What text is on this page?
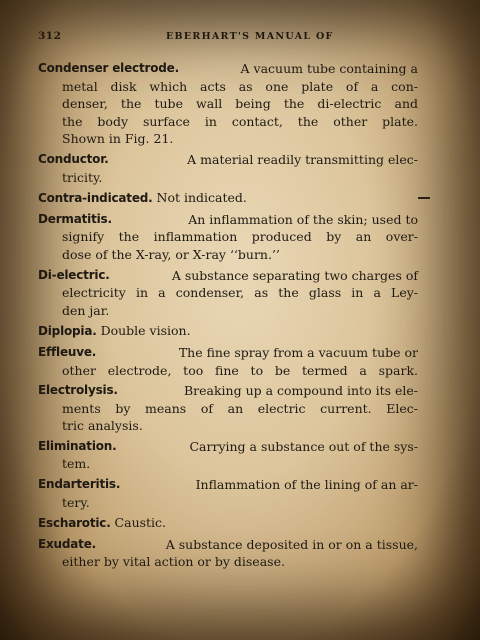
312	EBERHART'S MANUAL OF
Condenser electrode.	A vacuum tube containing a
metal disk which acts as one plate of a con-
denser, the tube wall being the di-electric and
the body surface in contact, the other plate.
Shown in Fig. 21.
Conductor.	A material readily transmitting elec-
tricity.
Contra-indicated. Not indicated.
Dermatitis.	An inflammation of the skin; used to
signify the inflammation produced by an over-
dose of the X-ray, or X-ray ‘‘burn.’’
Di-electric.	A substance separating two charges of
electricity in a condenser, as the glass in a Ley-
den jar.
Diplopia. Double vision.
Effleuve.	The fine spray from a vacuum tube or
other electrode, too fine to be termed a spark.
Electrolysis.	Breaking up a compound into its ele-
ments by means of an electric current. Elec-
tric analysis.
Elimination.	Carrying a substance out of the sys-
tem.
Endarteritis.	Inflammation of the lining of an ar-
tery.
Escharotic. Caustic.
Exudate.	A substance deposited in or on a tissue,
either by vital action or by disease.
